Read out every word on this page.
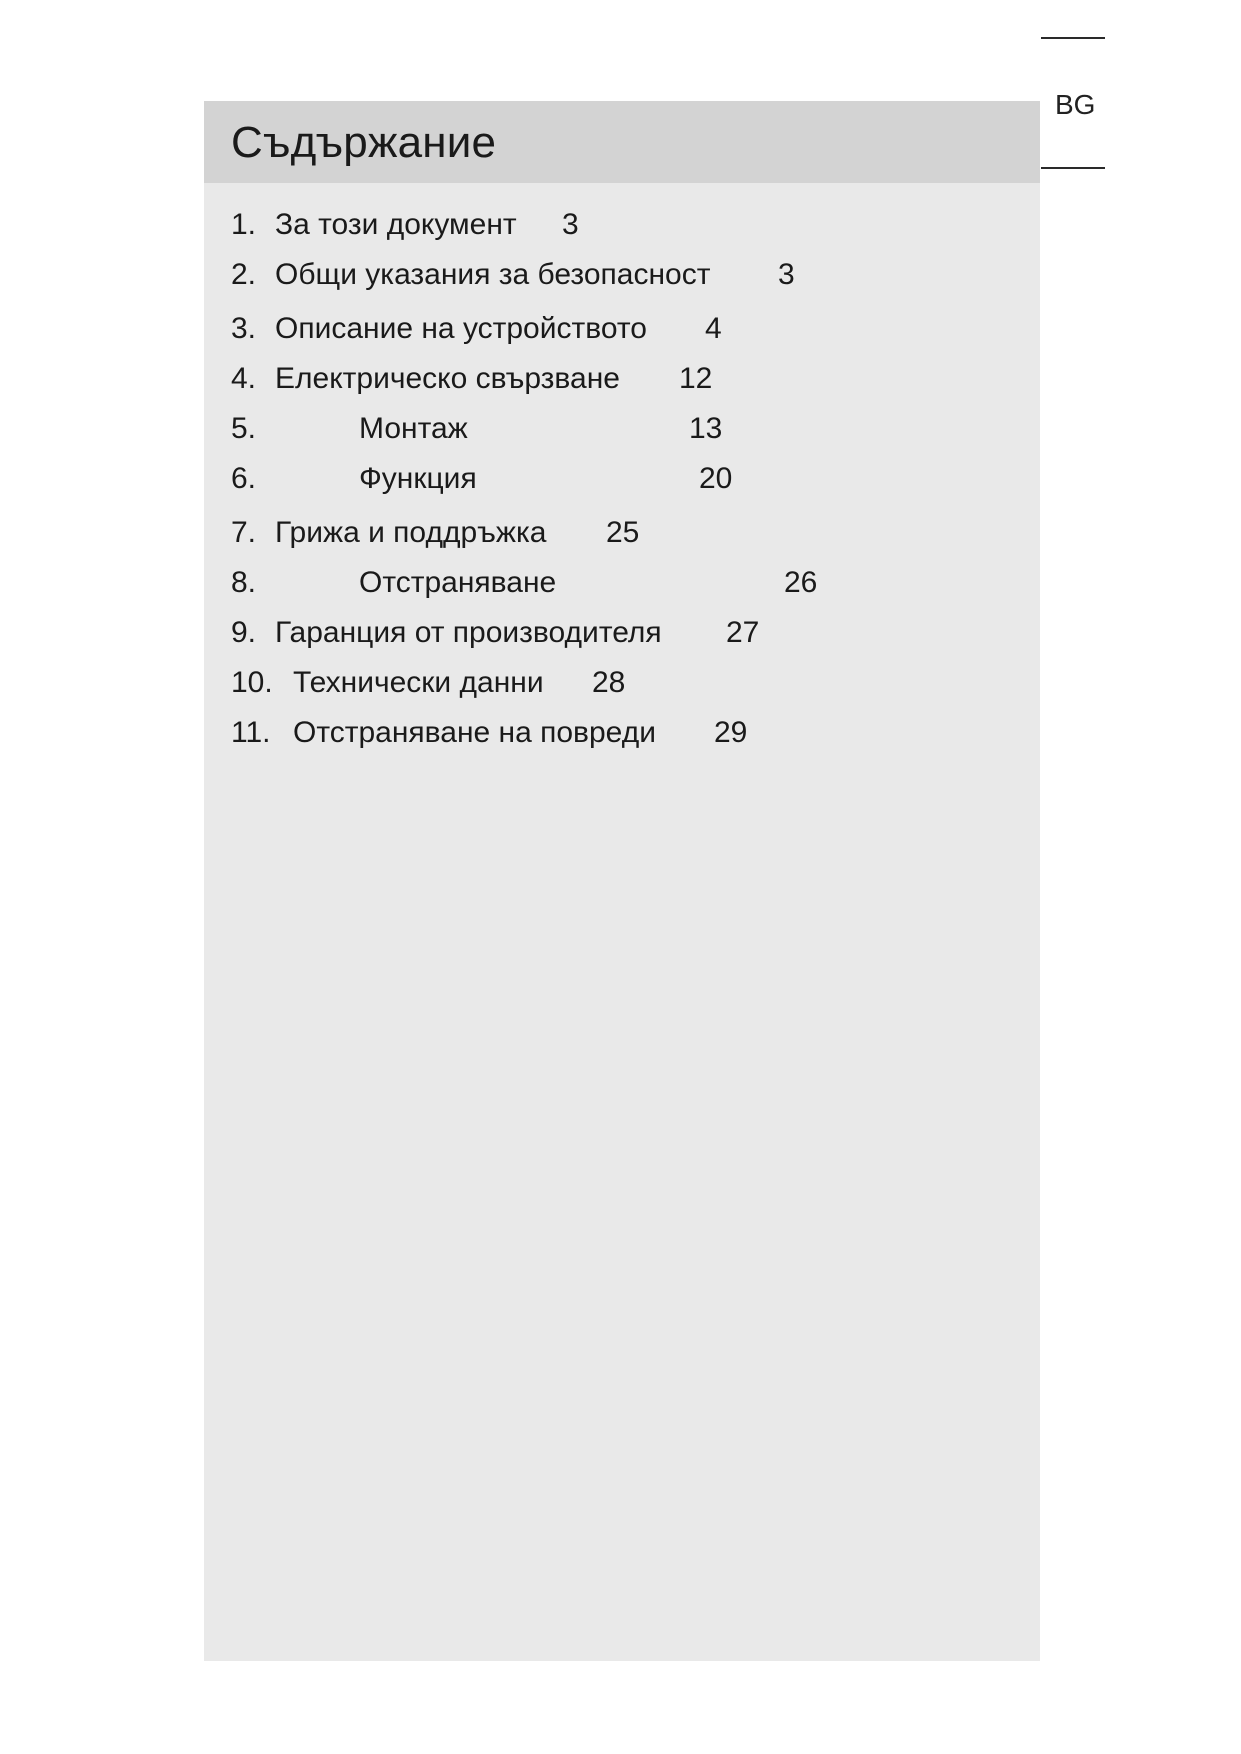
BG
Съдържание
1. За този документ 3
2. Общи указания за безопасност 3
3. Описание на устройството 4
4. Електрическо свързване 12
5.	Монтаж	13
6.	Функция	20
7. Грижа и поддръжка 25
8.	Отстраняване	26
9. Гаранция от производителя 27
10. Технически данни 28
11. Отстраняване на повреди 29
